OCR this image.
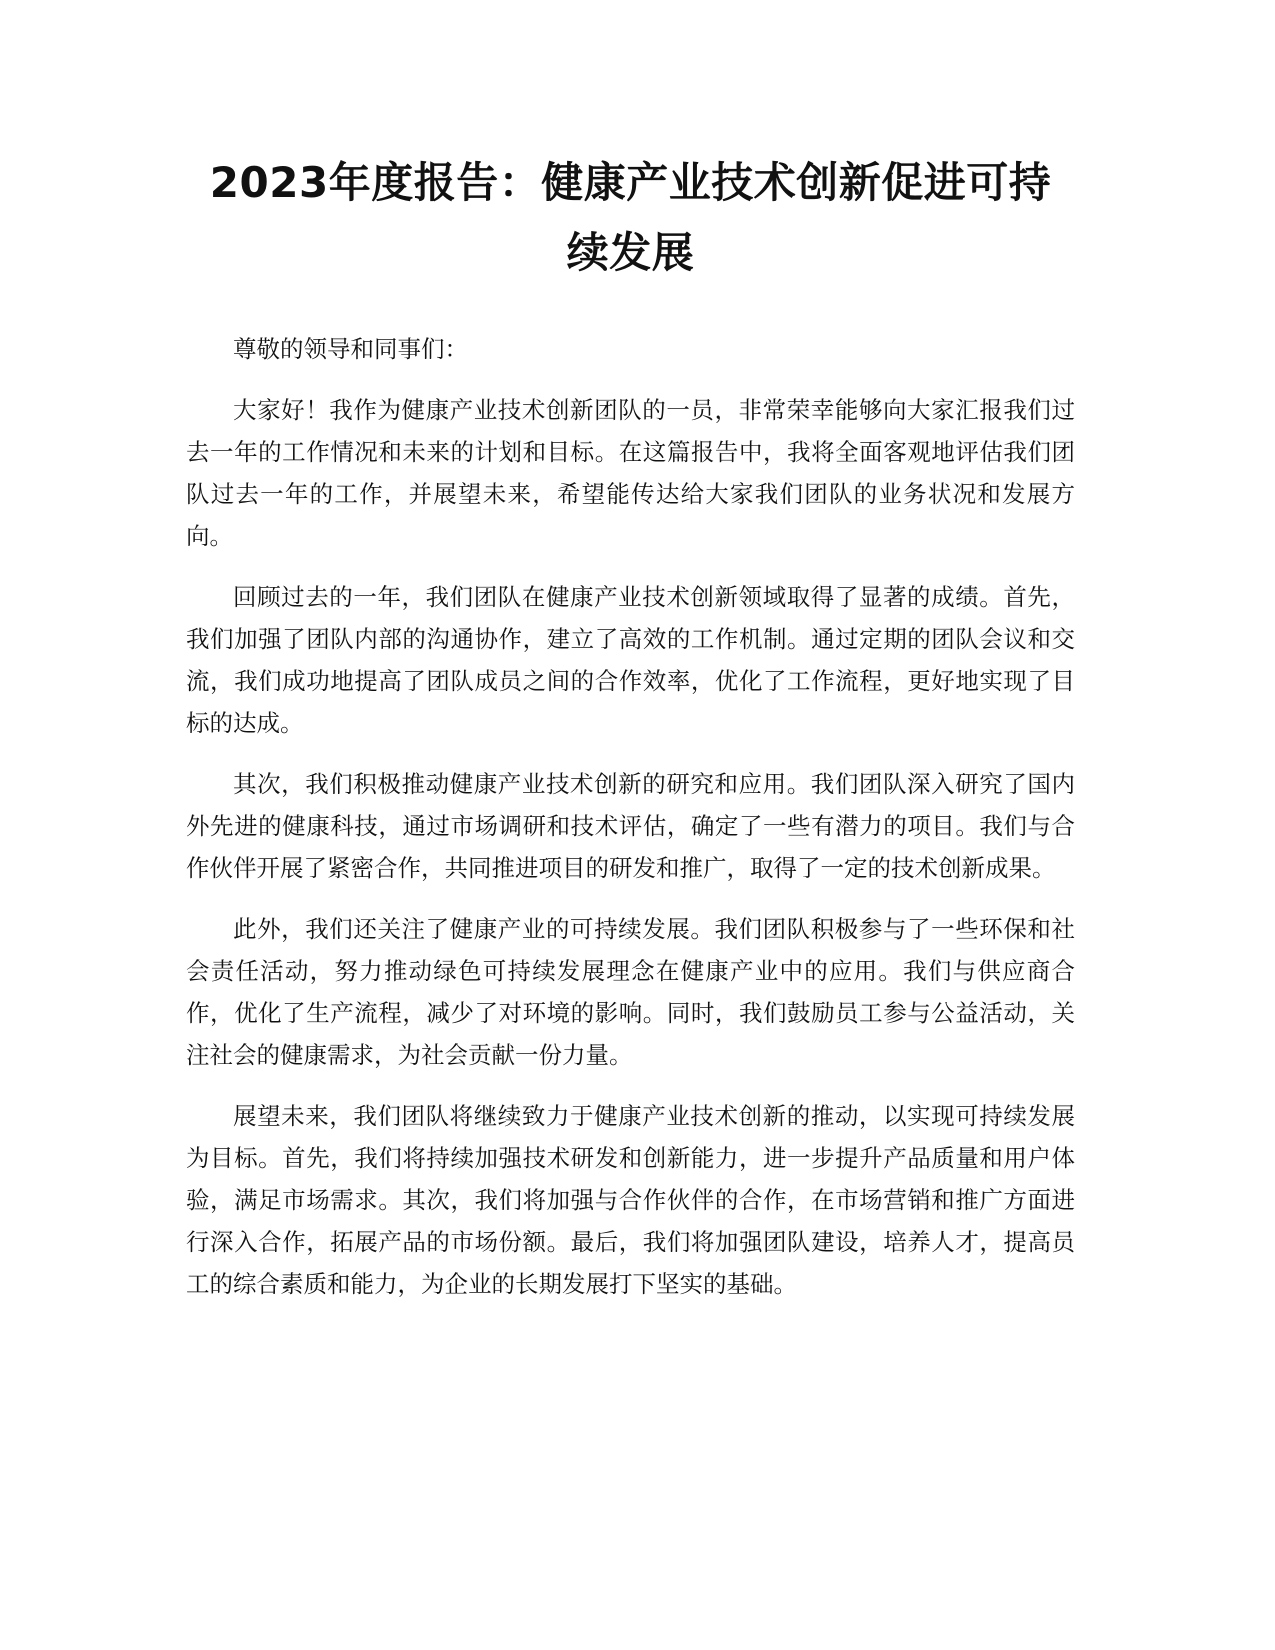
2023年度报告：健康产业技术创新促进可持
续发展

尊敬的领导和同事们：

大家好！我作为健康产业技术创新团队的一员，非常荣幸能够向大家汇报我们过去一年的工作情况和未来的计划和目标。在这篇报告中，我将全面客观地评估我们团队过去一年的工作，并展望未来，希望能传达给大家我们团队的业务状况和发展方向。

回顾过去的一年，我们团队在健康产业技术创新领域取得了显著的成绩。首先，我们加强了团队内部的沟通协作，建立了高效的工作机制。通过定期的团队会议和交流，我们成功地提高了团队成员之间的合作效率，优化了工作流程，更好地实现了目标的达成。

其次，我们积极推动健康产业技术创新的研究和应用。我们团队深入研究了国内外先进的健康科技，通过市场调研和技术评估，确定了一些有潜力的项目。我们与合作伙伴开展了紧密合作，共同推进项目的研发和推广，取得了一定的技术创新成果。

此外，我们还关注了健康产业的可持续发展。我们团队积极参与了一些环保和社会责任活动，努力推动绿色可持续发展理念在健康产业中的应用。我们与供应商合作，优化了生产流程，减少了对环境的影响。同时，我们鼓励员工参与公益活动，关注社会的健康需求，为社会贡献一份力量。

展望未来，我们团队将继续致力于健康产业技术创新的推动，以实现可持续发展为目标。首先，我们将持续加强技术研发和创新能力，进一步提升产品质量和用户体验，满足市场需求。其次，我们将加强与合作伙伴的合作，在市场营销和推广方面进行深入合作，拓展产品的市场份额。最后，我们将加强团队建设，培养人才，提高员工的综合素质和能力，为企业的长期发展打下坚实的基础。
